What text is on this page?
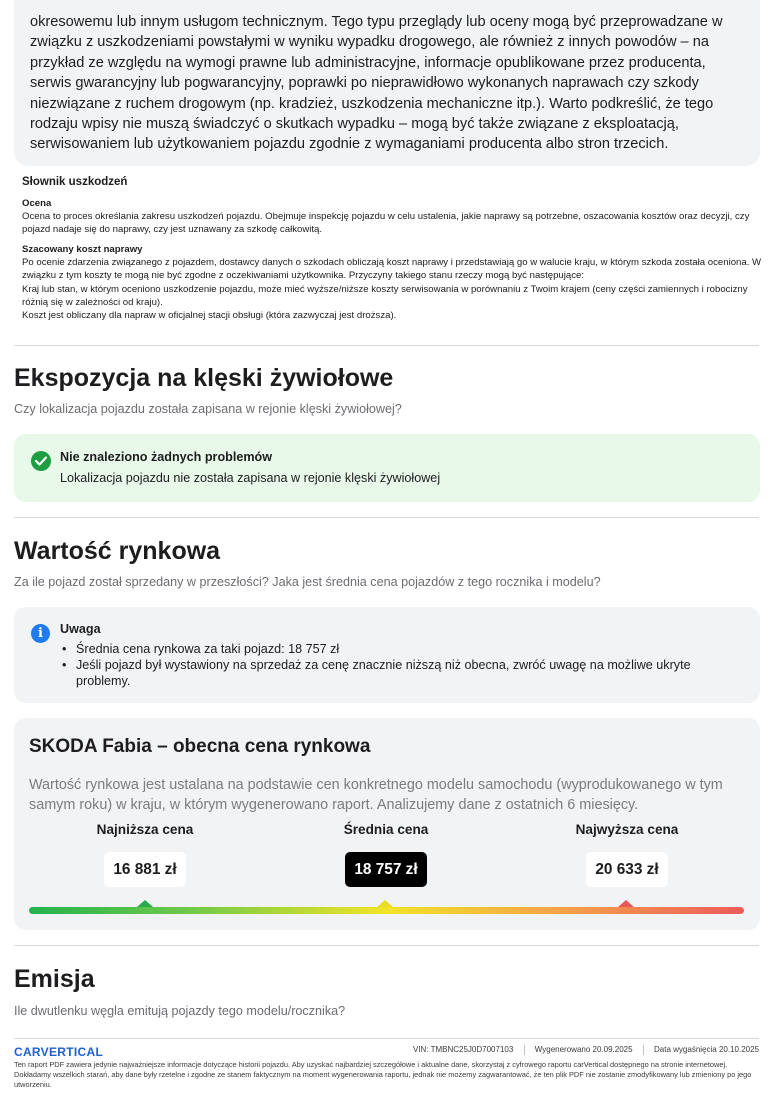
okresowemu lub innym usługom technicznym. Tego typu przeglądy lub oceny mogą być przeprowadzane w związku z uszkodzeniami powstałymi w wyniku wypadku drogowego, ale również z innych powodów – na przykład ze względu na wymogi prawne lub administracyjne, informacje opublikowane przez producenta, serwis gwarancyjny lub pogwarancyjny, poprawki po nieprawidłowo wykonanych naprawach czy szkody niezwiązane z ruchem drogowym (np. kradzież, uszkodzenia mechaniczne itp.). Warto podkreślić, że tego rodzaju wpisy nie muszą świadczyć o skutkach wypadku – mogą być także związane z eksploatacją, serwisowaniem lub użytkowaniem pojazdu zgodnie z wymaganiami producenta albo stron trzecich.

Słownik uszkodzeń
Ocena
Ocena to proces określania zakresu uszkodzeń pojazdu. Obejmuje inspekcję pojazdu w celu ustalenia, jakie naprawy są potrzebne, oszacowania kosztów oraz decyzji, czy pojazd nadaje się do naprawy, czy jest uznawany za szkodę całkowitą.
Szacowany koszt naprawy
Po ocenie zdarzenia związanego z pojazdem, dostawcy danych o szkodach obliczają koszt naprawy i przedstawiają go w walucie kraju, w którym szkoda została oceniona. W związku z tym koszty te mogą nie być zgodne z oczekiwaniami użytkownika. Przyczyny takiego stanu rzeczy mogą być następujące:
Kraj lub stan, w którym oceniono uszkodzenie pojazdu, może mieć wyższe/niższe koszty serwisowania w porównaniu z Twoim krajem (ceny części zamiennych i robocizny różnią się w zależności od kraju).
Koszt jest obliczany dla napraw w oficjalnej stacji obsługi (która zazwyczaj jest droższa).
Ekspozycja na klęski żywiołowe
Czy lokalizacja pojazdu została zapisana w rejonie klęski żywiołowej?
Nie znaleziono żadnych problemów
Lokalizacja pojazdu nie została zapisana w rejonie klęski żywiołowej
Wartość rynkowa
Za ile pojazd został sprzedany w przeszłości? Jaka jest średnia cena pojazdów z tego rocznika i modelu?
i	Uwaga
• Średnia cena rynkowa za taki pojazd: 18 757 zł
• Jeśli pojazd był wystawiony na sprzedaż za cenę znacznie niższą niż obecna, zwróć uwagę na możliwe ukryte problemy.
SKODA Fabia – obecna cena rynkowa
Wartość rynkowa jest ustalana na podstawie cen konkretnego modelu samochodu (wyprodukowanego w tym samym roku) w kraju, w którym wygenerowano raport. Analizujemy dane z ostatnich 6 miesięcy.
Najniższa cena
16 881 zł
Średnia cena
18 757 zł
Najwyższa cena
20 633 zł
Emisja
Ile dwutlenku węgla emitują pojazdy tego modelu/rocznika?
CARVERTICAL	VIN: TMBNC25J0D7007103	Wygenerowano 20.09.2025	Data wygaśnięcia 20.10.2025
Ten raport PDF zawiera jedynie najważniejsze informacje dotyczące historii pojazdu. Aby uzyskać najbardziej szczegółowe i aktualne dane, skorzystaj z cyfrowego raportu carVertical dostępnego na stronie internetowej. Dokładamy wszelkich starań, aby dane były rzetelne i zgodne ze stanem faktycznym na moment wygenerowania raportu, jednak nie możemy zagwarantować, że ten plik PDF nie zostanie zmodyfikowany lub zmieniony po jego utworzeniu.
